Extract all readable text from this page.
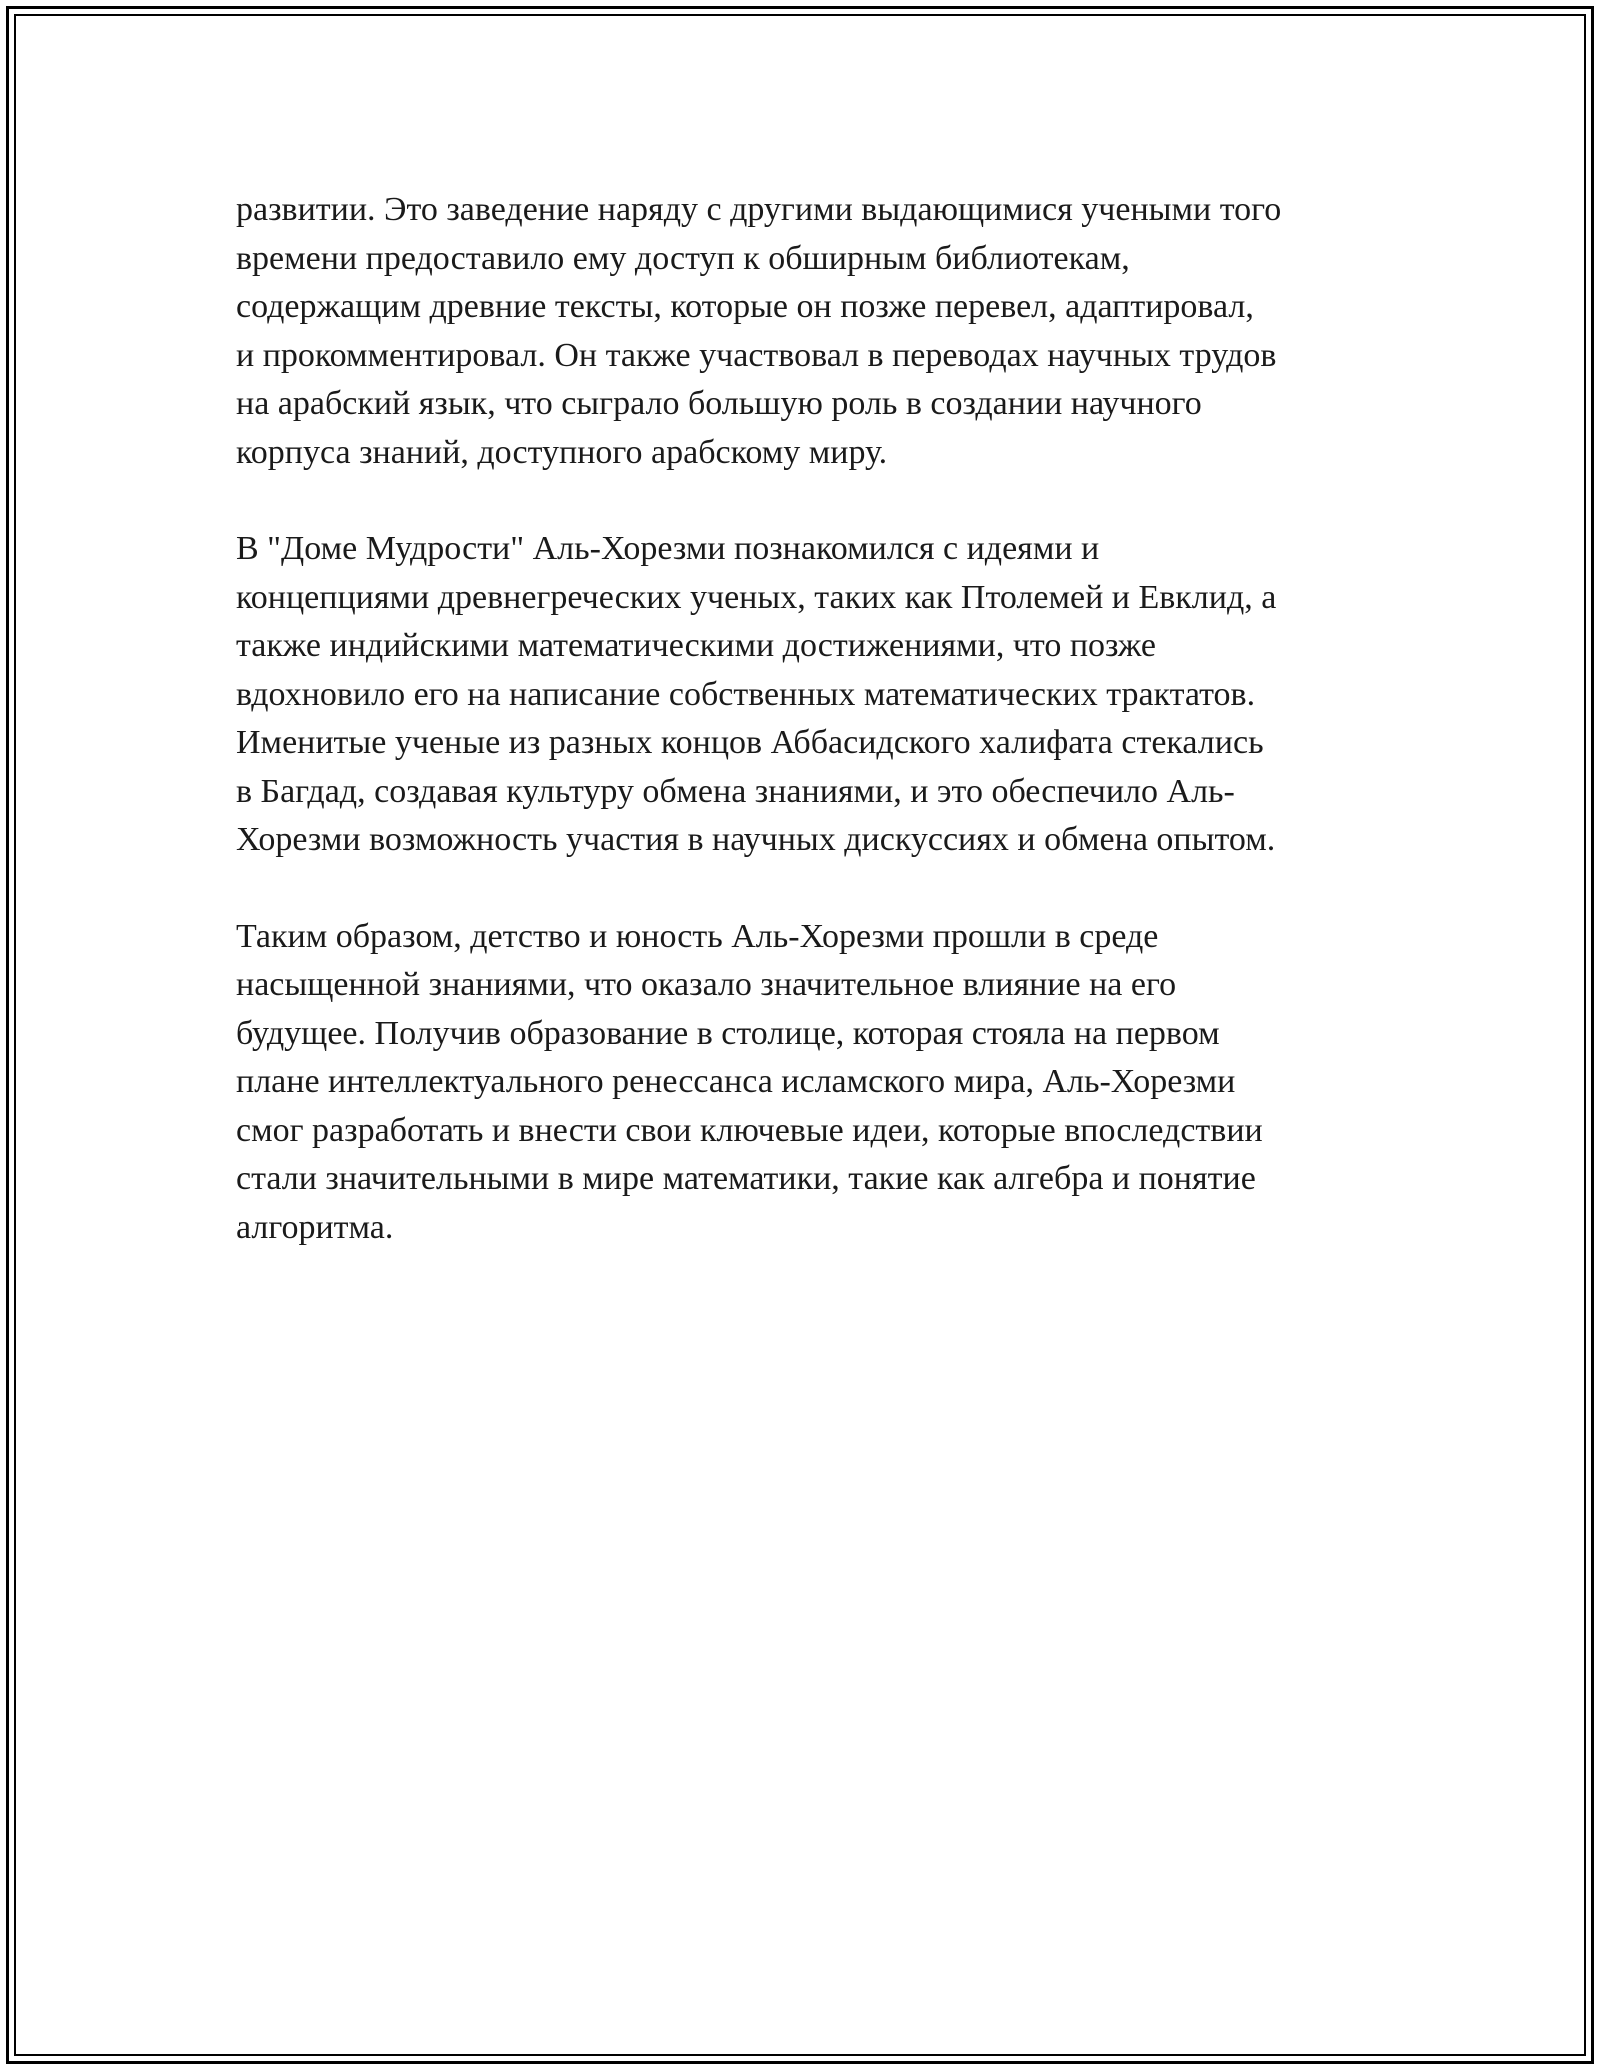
развитии. Это заведение наряду с другими выдающимися учеными того
времени предоставило ему доступ к обширным библиотекам,
содержащим древние тексты, которые он позже перевел, адаптировал,
и прокомментировал. Он также участвовал в переводах научных трудов
на арабский язык, что сыграло большую роль в создании научного
корпуса знаний, доступного арабскому миру.

В "Доме Мудрости" Аль-Хорезми познакомился с идеями и
концепциями древнегреческих ученых, таких как Птолемей и Евклид, а
также индийскими математическими достижениями, что позже
вдохновило его на написание собственных математических трактатов.
Именитые ученые из разных концов Аббасидского халифата стекались
в Багдад, создавая культуру обмена знаниями, и это обеспечило Аль-
Хорезми возможность участия в научных дискуссиях и обмена опытом.

Таким образом, детство и юность Аль-Хорезми прошли в среде
насыщенной знаниями, что оказало значительное влияние на его
будущее. Получив образование в столице, которая стояла на первом
плане интеллектуального ренессанса исламского мира, Аль-Хорезми
смог разработать и внести свои ключевые идеи, которые впоследствии
стали значительными в мире математики, такие как алгебра и понятие
алгоритма.
